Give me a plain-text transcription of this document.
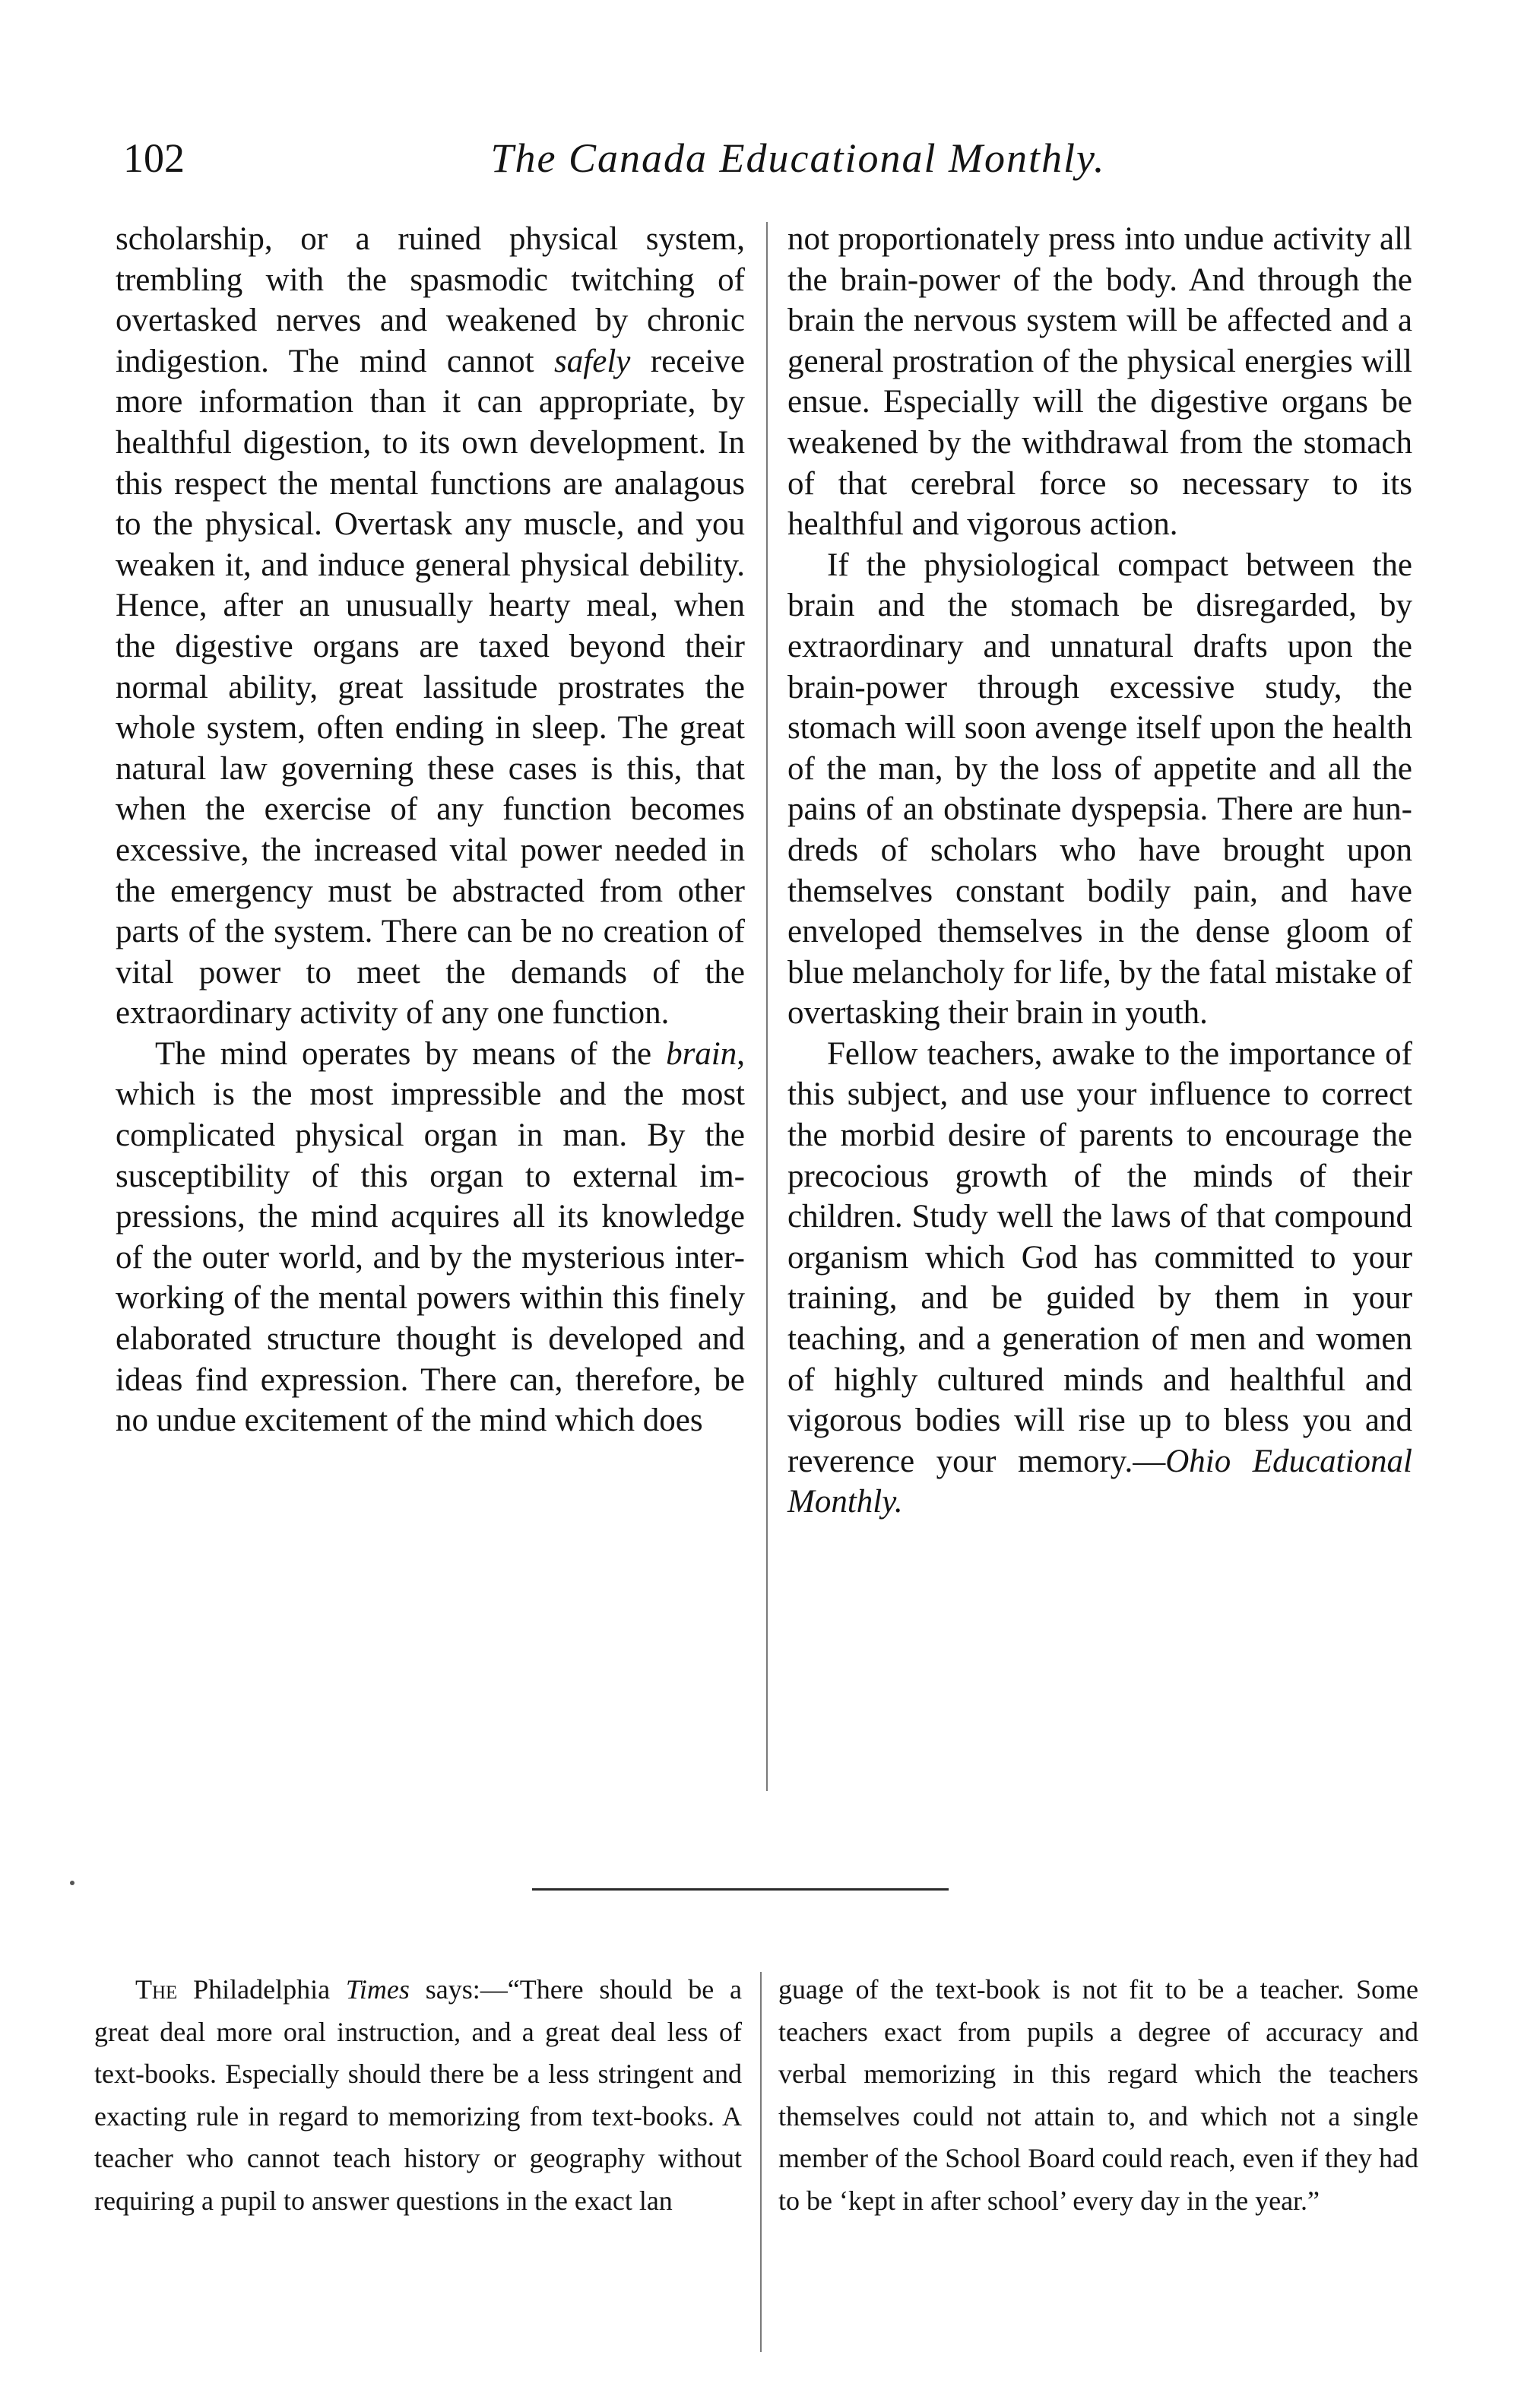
102	The Canada Educational Monthly.

scholarship, or a ruined physical system, trembling with the spasmodic twitching of overtasked nerves and weakened by chronic indigestion. The mind cannot safely receive more information than it can appropriate, by healthful digestion, to its own development. In this respect the mental functions are analagous to the physical. Overtask any muscle, and you weaken it, and induce general physical debility. Hence, after an unusually hearty meal, when the digestive organs are taxed beyond their normal ability, great lassitude prostrates the whole system, often ending in sleep. The great natural law governing these cases is this, that when the exercise of any function becomes excessive, the increased vital power needed in the emergency must be abstracted from other parts of the system. There can be no creation of vital power to meet the demands of the extraordinary activity of any one function.

The mind operates by means of the brain, which is the most impressible and the most complicated physical organ in man. By the susceptibility of this organ to external impressions, the mind acquires all its knowledge of the outer world, and by the mysterious inter-working of the mental powers within this finely elaborated structure thought is developed and ideas find expression. There can, therefore, be no undue excitement of the mind which does

not proportionately press into undue activity all the brain-power of the body. And through the brain the nervous system will be affected and a general prostration of the physical energies will ensue. Especially will the digestive organs be weakened by the withdrawal from the stomach of that cerebral force so necessary to its healthful and vigorous action.

If the physiological compact between the brain and the stomach be disregarded, by extraordinary and unnatural drafts upon the brain-power through excessive study, the stomach will soon avenge itself upon the health of the man, by the loss of appetite and all the pains of an obstinate dyspepsia. There are hundreds of scholars who have brought upon themselves constant bodily pain, and have enveloped themselves in the dense gloom of blue melancholy for life, by the fatal mistake of overtasking their brain in youth.

Fellow teachers, awake to the importance of this subject, and use your influence to correct the morbid desire of parents to encourage the precocious growth of the minds of their children. Study well the laws of that compound organism which God has committed to your training, and be guided by them in your teaching, and a generation of men and women of highly cultured minds and healthful and vigorous bodies will rise up to bless you and reverence your memory.—Ohio Educational Monthly.

The Philadelphia Times says:—“There should be a great deal more oral instruction, and a great deal less of text-books. Especially should there be a less stringent and exacting rule in regard to memorizing from text-books. A teacher who cannot teach history or geography without requiring a pupil to answer questions in the exact lan

guage of the text-book is not fit to be a teacher. Some teachers exact from pupils a degree of accuracy and verbal memorizing in this regard which the teachers themselves could not attain to, and which not a single member of the School Board could reach, even if they had to be ‘kept in after school’ every day in the year.”
